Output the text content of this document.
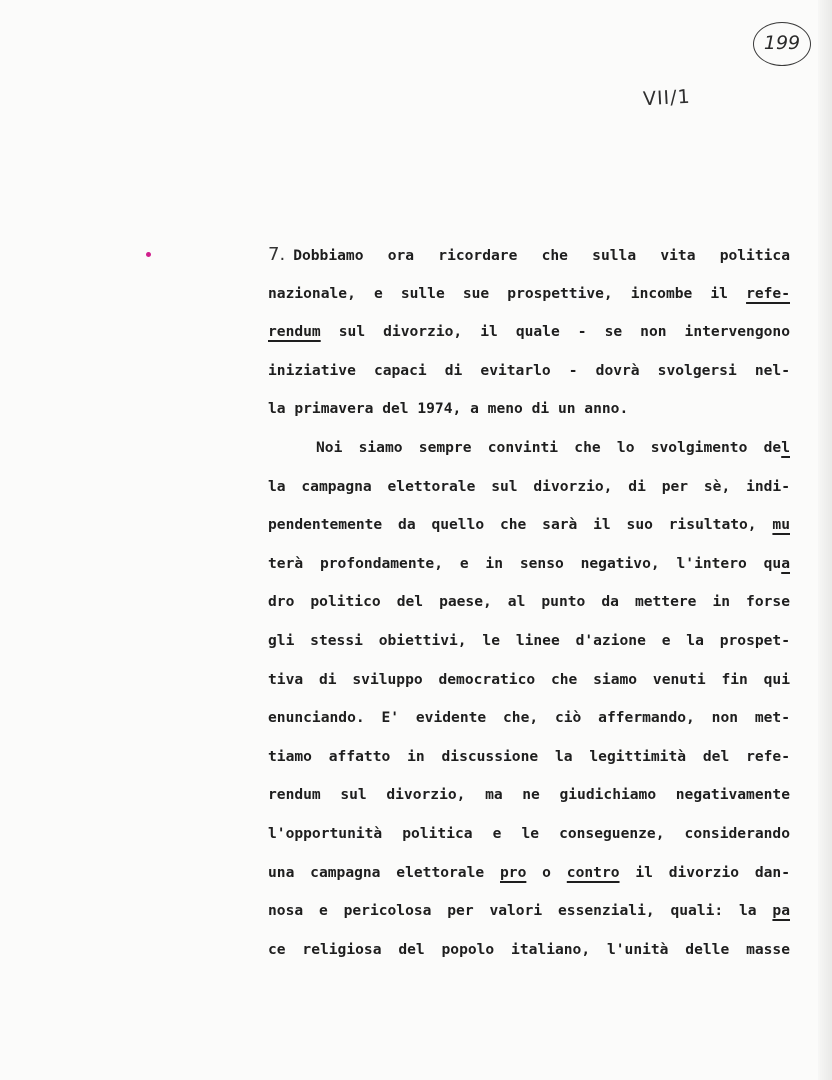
199
VII/1
7. Dobbiamo ora ricordare che sulla vita politica
nazionale, e sulle sue prospettive, incombe il refe-
rendum sul divorzio, il quale - se non intervengono
iniziative capaci di evitarlo - dovrà svolgersi nel-
la primavera del 1974, a meno di un anno.
Noi siamo sempre convinti che lo svolgimento del
la campagna elettorale sul divorzio, di per sè, indi-
pendentemente da quello che sarà il suo risultato, mu
terà profondamente, e in senso negativo, l'intero qua
dro politico del paese, al punto da mettere in forse
gli stessi obiettivi, le linee d'azione e la prospet-
tiva di sviluppo democratico che siamo venuti fin qui
enunciando. E' evidente che, ciò affermando, non met-
tiamo affatto in discussione la legittimità del refe-
rendum sul divorzio, ma ne giudichiamo negativamente
l'opportunità politica e le conseguenze, considerando
una campagna elettorale pro o contro il divorzio dan-
nosa e pericolosa per valori essenziali, quali: la pa
ce religiosa del popolo italiano, l'unità delle masse
